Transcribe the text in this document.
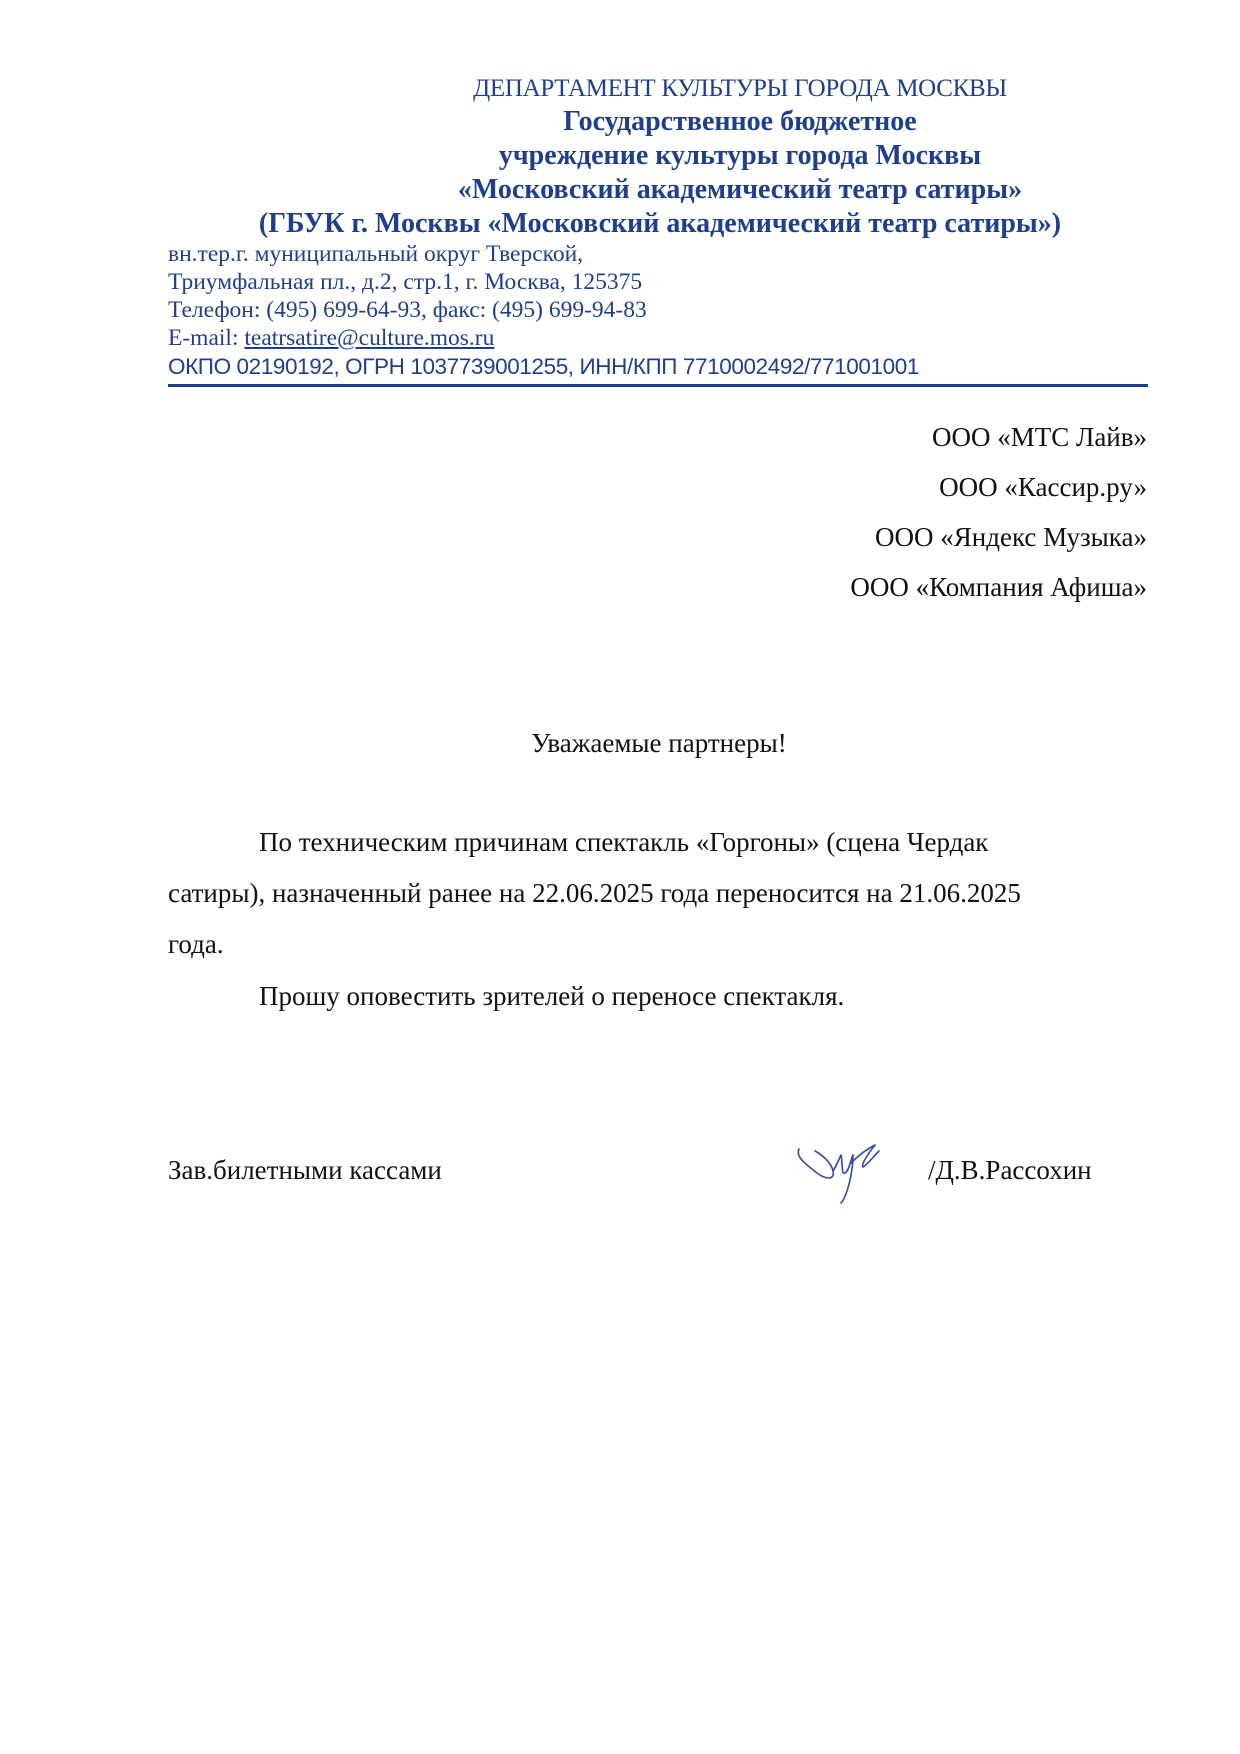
ДЕПАРТАМЕНТ КУЛЬТУРЫ ГОРОДА МОСКВЫ
Государственное бюджетное
учреждение культуры города Москвы
«Московский академический театр сатиры»
(ГБУК г. Москвы «Московский академический театр сатиры»)
вн.тер.г. муниципальный округ Тверской,
Триумфальная пл., д.2, стр.1, г. Москва, 125375
Телефон: (495) 699-64-93, факс: (495) 699-94-83
E-mail: teatrsatire@culture.mos.ru
ОКПО 02190192, ОГРН 1037739001255, ИНН/КПП 7710002492/771001001
ООО «МТС Лайв»
ООО «Кассир.ру»
ООО «Яндекс Музыка»
ООО «Компания Афиша»
Уважаемые партнеры!
По техническим причинам спектакль «Горгоны» (сцена Чердак
сатиры), назначенный ранее на 22.06.2025 года переносится на 21.06.2025
года.
Прошу оповестить зрителей о переносе спектакля.
Зав.билетными кассами	/Д.В.Рассохин
